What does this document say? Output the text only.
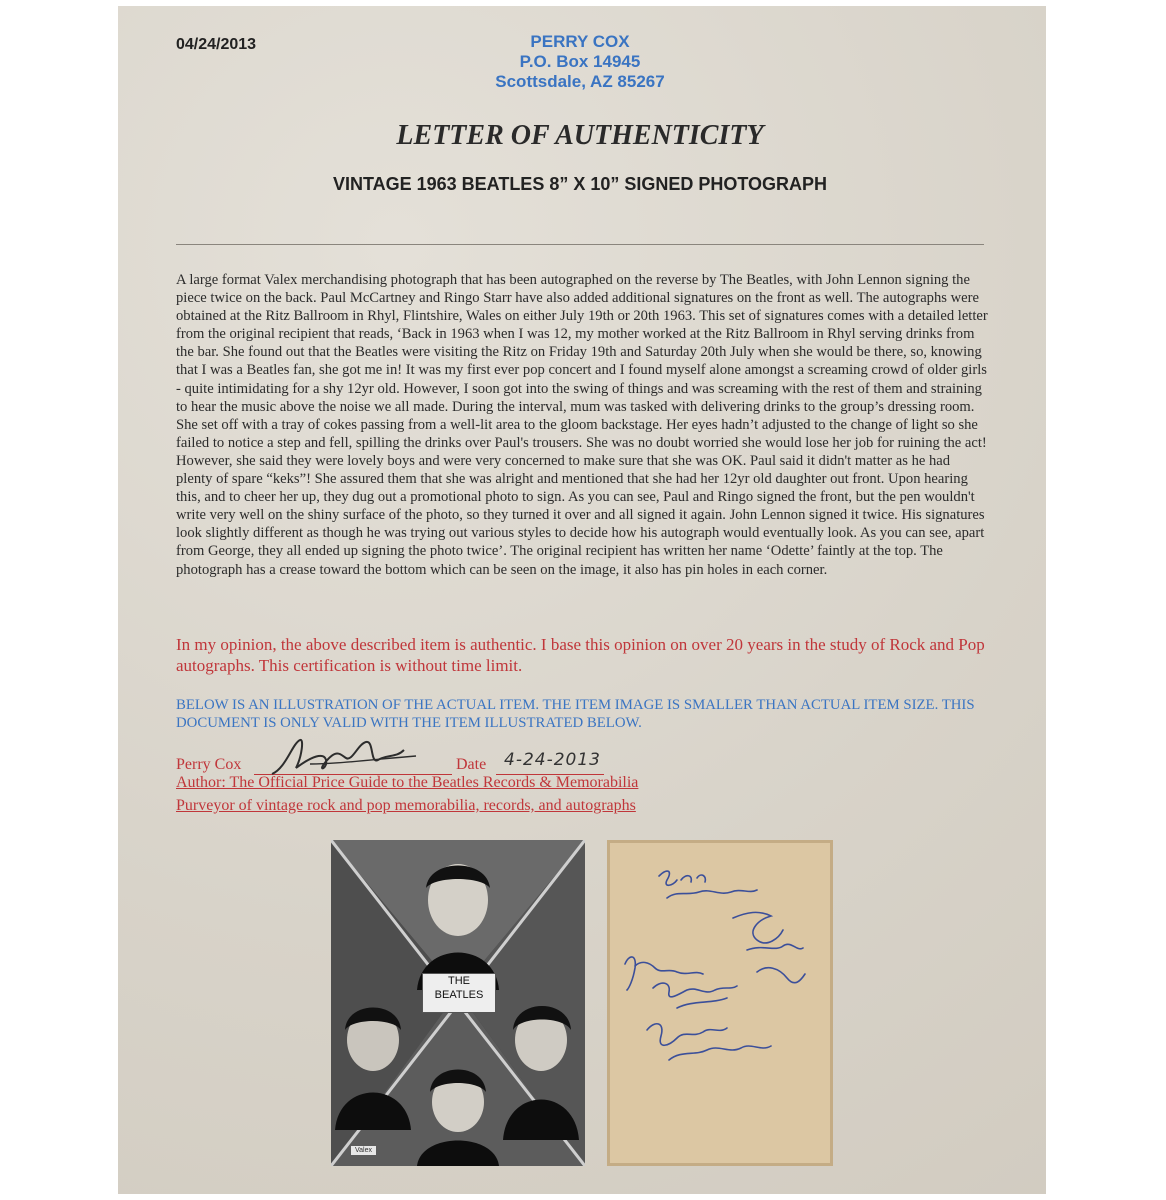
04/24/2013	PERRY COX
P.O. Box 14945
Scottsdale, AZ 85267
LETTER OF AUTHENTICITY
VINTAGE 1963 BEATLES 8” X 10” SIGNED PHOTOGRAPH

A large format Valex merchandising photograph that has been autographed on the reverse by The Beatles, with John Lennon signing the piece twice on the back. Paul McCartney and Ringo Starr have also added additional signatures on the front as well. The autographs were obtained at the Ritz Ballroom in Rhyl, Flintshire, Wales on either July 19th or 20th 1963. This set of signatures comes with a detailed letter from the original recipient that reads, ‘Back in 1963 when I was 12, my mother worked at the Ritz Ballroom in Rhyl serving drinks from the bar. She found out that the Beatles were visiting the Ritz on Friday 19th and Saturday 20th July when she would be there, so, knowing that I was a Beatles fan, she got me in! It was my first ever pop concert and I found myself alone amongst a screaming crowd of older girls - quite intimidating for a shy 12yr old. However, I soon got into the swing of things and was screaming with the rest of them and straining to hear the music above the noise we all made. During the interval, mum was tasked with delivering drinks to the group’s dressing room. She set off with a tray of cokes passing from a well-lit area to the gloom backstage. Her eyes hadn’t adjusted to the change of light so she failed to notice a step and fell, spilling the drinks over Paul's trousers. She was no doubt worried she would lose her job for ruining the act! However, she said they were lovely boys and were very concerned to make sure that she was OK. Paul said it didn't matter as he had plenty of spare “keks”! She assured them that she was alright and mentioned that she had her 12yr old daughter out front. Upon hearing this, and to cheer her up, they dug out a promotional photo to sign. As you can see, Paul and Ringo signed the front, but the pen wouldn't write very well on the shiny surface of the photo, so they turned it over and all signed it again. John Lennon signed it twice. His signatures look slightly different as though he was trying out various styles to decide how his autograph would eventually look. As you can see, apart from George, they all ended up signing the photo twice’. The original recipient has written her name ‘Odette’ faintly at the top. The photograph has a crease toward the bottom which can be seen on the image, it also has pin holes in each corner.

In my opinion, the above described item is authentic. I base this opinion on over 20 years in the study of Rock and Pop autographs. This certification is without time limit.

BELOW IS AN ILLUSTRATION OF THE ACTUAL ITEM. THE ITEM IMAGE IS SMALLER THAN ACTUAL ITEM SIZE. THIS DOCUMENT IS ONLY VALID WITH THE ITEM ILLUSTRATED BELOW.

Perry Cox	Date 4-24-2013
Author: The Official Price Guide to the Beatles Records & Memorabilia
Purveyor of vintage rock and pop memorabilia, records, and autographs
THE
BEATLES
Valex
